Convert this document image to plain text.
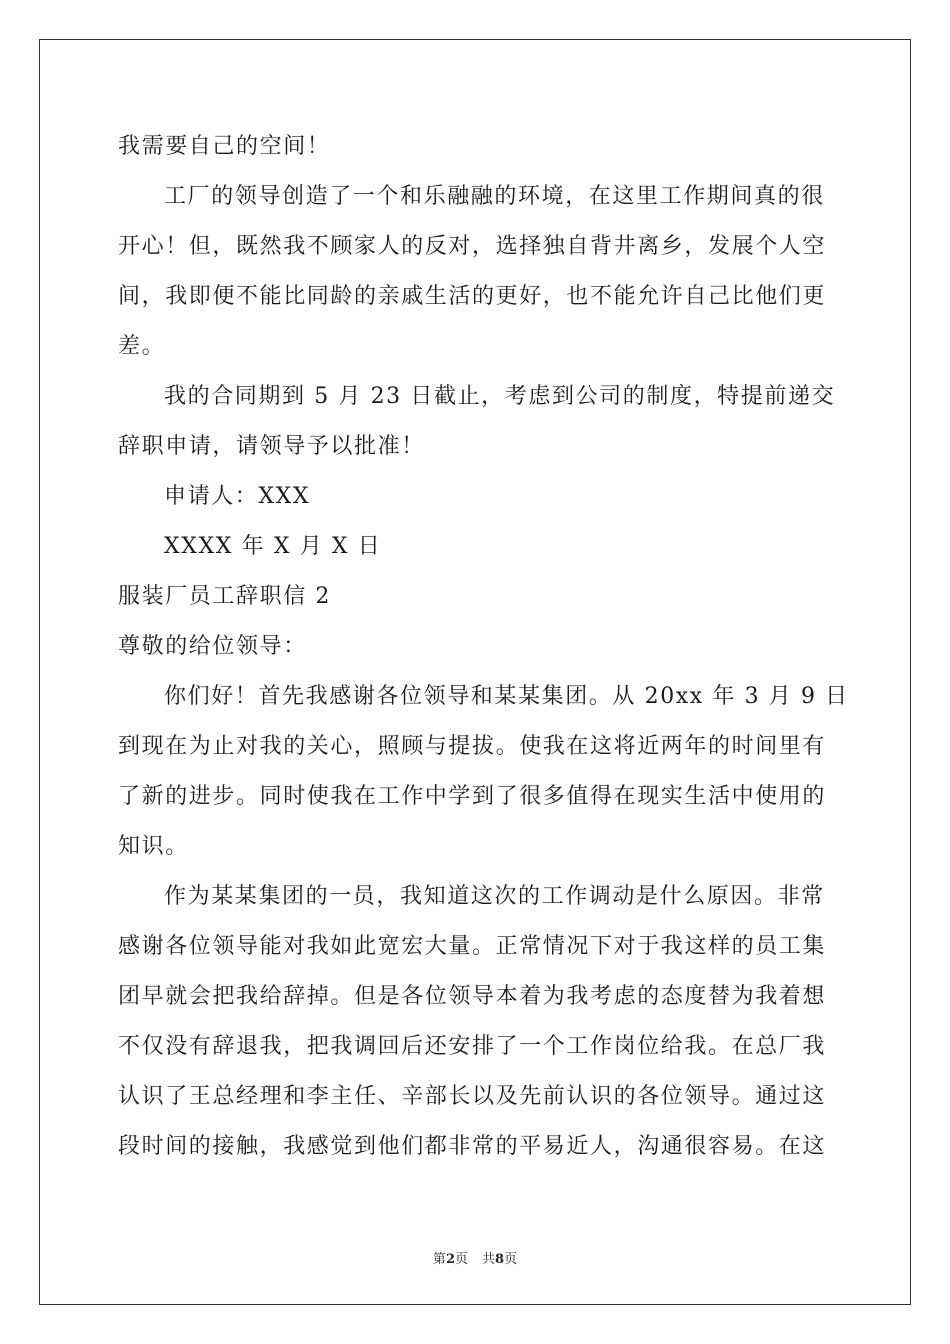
我需要自己的空间！
工厂的领导创造了一个和乐融融的环境，在这里工作期间真的很
开心！但，既然我不顾家人的反对，选择独自背井离乡，发展个人空
间，我即便不能比同龄的亲戚生活的更好，也不能允许自己比他们更
差。
我的合同期到 5 月 23 日截止，考虑到公司的制度，特提前递交
辞职申请，请领导予以批准！
申请人：XXX
XXXX 年 X 月 X 日
服装厂员工辞职信 2
尊敬的给位领导：
你们好！首先我感谢各位领导和某某集团。从 20xx 年 3 月 9 日
到现在为止对我的关心，照顾与提拔。使我在这将近两年的时间里有
了新的进步。同时使我在工作中学到了很多值得在现实生活中使用的
知识。
作为某某集团的一员，我知道这次的工作调动是什么原因。非常
感谢各位领导能对我如此宽宏大量。正常情况下对于我这样的员工集
团早就会把我给辞掉。但是各位领导本着为我考虑的态度替为我着想
不仅没有辞退我，把我调回后还安排了一个工作岗位给我。在总厂我
认识了王总经理和李主任、辛部长以及先前认识的各位领导。通过这
段时间的接触，我感觉到他们都非常的平易近人，沟通很容易。在这
第2页 共8页
